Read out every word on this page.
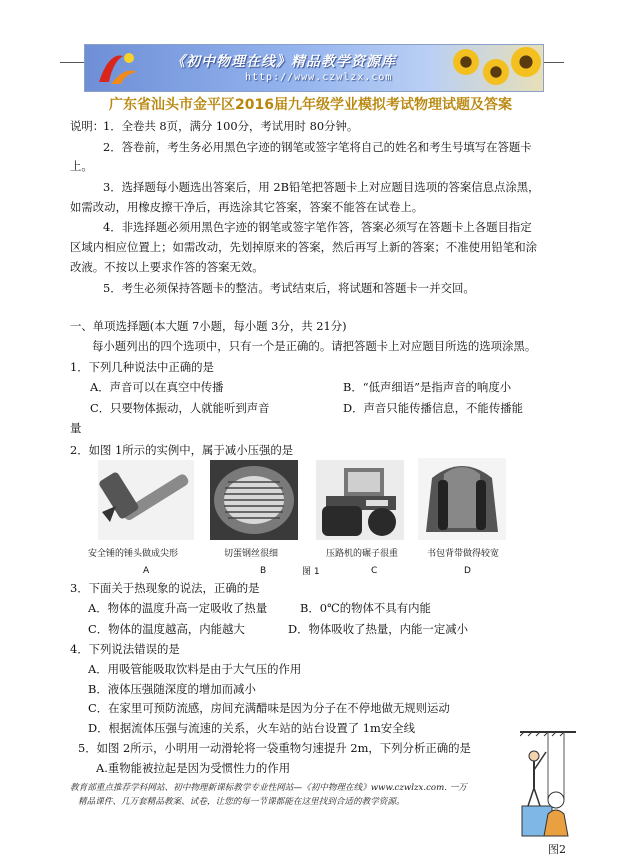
《初中物理在线》精品教学资源库
http://www.czwlzx.com
广东省汕头市金平区2016届九年级学业模拟考试物理试题及答案
说明：
1．全卷共 8页，满分 100分，考试用时 80分钟。
2．答卷前，考生务必用黑色字迹的钢笔或签字笔将自己的姓名和考生号填写在答题卡
上。
3．选择题每小题选出答案后，用 2B铅笔把答题卡上对应题目选项的答案信息点涂黑，
如需改动，用橡皮擦干净后，再选涂其它答案，答案不能答在试卷上。
4．非选择题必须用黑色字迹的钢笔或签字笔作答，答案必须写在答题卡上各题目指定
区域内相应位置上；如需改动，先划掉原来的答案，然后再写上新的答案；不准使用铅笔和涂
改液。不按以上要求作答的答案无效。
5．考生必须保持答题卡的整洁。考试结束后，将试题和答题卡一并交回。
一、单项选择题(本大题 7小题，每小题 3分，共 21分)
每小题列出的四个选项中，只有一个是正确的。请把答题卡上对应题目所选的选项涂黑。
1．下列几种说法中正确的是
A．声音可以在真空中传播	B．“低声细语”是指声音的响度小
C．只要物体振动，人就能听到声音	D．声音只能传播信息，不能传播能
量
2．如图 1所示的实例中，属于减小压强的是
安全锤的锤头做成尖形	切蛋钢丝很细	压路机的碾子很重	书包背带做得较宽
图 1
A	B	C	D
3．下面关于热现象的说法，正确的是
A．物体的温度升高一定吸收了热量	B．0℃的物体不具有内能
C．物体的温度越高，内能越大	D．物体吸收了热量，内能一定减小
4．下列说法错误的是
A．用吸管能吸取饮料是由于大气压的作用
B．液体压强随深度的增加而减小
C．在家里可预防流感，房间充满醋味是因为分子在不停地做无规则运动
D．根据流体压强与流速的关系，火车站的站台设置了 1m安全线
5．如图 2所示，小明用一动滑轮将一袋重物匀速提升 2m，下列分析正确的是
A.重物能被拉起是因为受惯性力的作用
图2
教育部重点推荐学科网站、初中物理新课标教学专业性网站—《初中物理在线》www.czwlzx.com. 一万
精品课件、几万套精品教案、试卷，让您的每一节课都能在这里找到合适的教学资源。
